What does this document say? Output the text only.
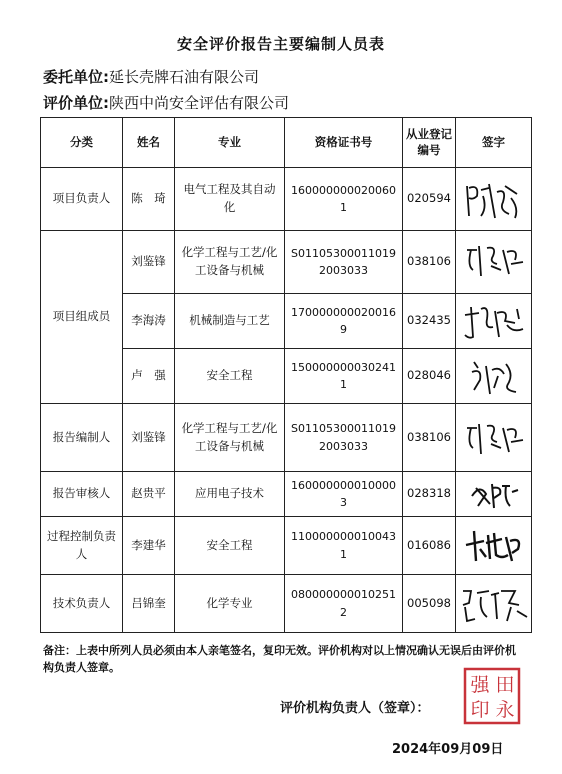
安全评价报告主要编制人员表
委托单位:延长壳牌石油有限公司
评价单位:陕西中尚安全评估有限公司
分类	姓名	专业	资格证书号	从业登记编号	签字
项目负责人	陈　琦	电气工程及其自动化	1600000000200601	020594	

项目组成员	刘鉴锋	化学工程与工艺/化工设备与机械	S011053000110192003033	038106	

	李海涛	机械制造与工艺	1700000000200169	032435	

	卢　强	安全工程	1500000000302411	028046	

报告编制人	刘鉴锋	化学工程与工艺/化工设备与机械	S011053000110192003033	038106	

报告审核人	赵贵平	应用电子技术	1600000000100003	028318	

过程控制负责人	李建华	安全工程	1100000000100431	016086	

技术负责人	吕锦奎	化学专业	0800000000102512	005098	
备注：上表中所列人员必须由本人亲笔签名，复印无效。评价机构对以上情况确认无误后由评价机构负责人签章。
评价机构负责人（签章）：
田
强
永
印
2024年09月09日
